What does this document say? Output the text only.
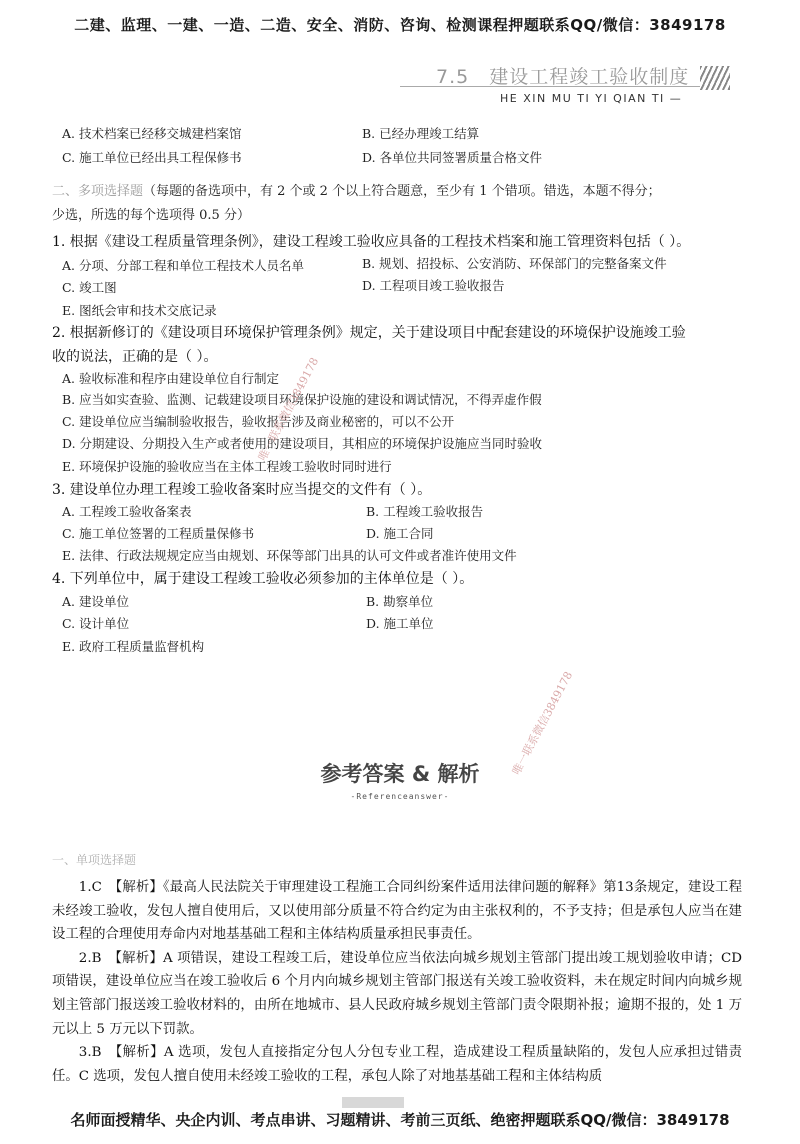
二建、监理、一建、一造、二造、安全、消防、咨询、检测课程押题联系QQ/微信：3849178
7.5　建设工程竣工验收制度
HE XIN MU TI YI QIAN TI —
A. 技术档案已经移交城建档案馆	B. 已经办理竣工结算
C. 施工单位已经出具工程保修书	D. 各单位共同签署质量合格文件
二、多项选择题（每题的备选项中，有 2 个或 2 个以上符合题意，至少有 1 个错项。错选，本题不得分；
少选，所选的每个选项得 0.5 分）
1. 根据《建设工程质量管理条例》，建设工程竣工验收应具备的工程技术档案和施工管理资料包括（ ）。
A. 分项、分部工程和单位工程技术人员名单	B. 规划、招投标、公安消防、环保部门的完整备案文件
C. 竣工图	D. 工程项目竣工验收报告
E. 图纸会审和技术交底记录
2. 根据新修订的《建设项目环境保护管理条例》规定，关于建设项目中配套建设的环境保护设施竣工验
收的说法，正确的是（ ）。
A. 验收标准和程序由建设单位自行制定
B. 应当如实查验、监测、记载建设项目环境保护设施的建设和调试情况，不得弄虚作假
C. 建设单位应当编制验收报告，验收报告涉及商业秘密的，可以不公开
D. 分期建设、分期投入生产或者使用的建设项目，其相应的环境保护设施应当同时验收
E. 环境保护设施的验收应当在主体工程竣工验收时同时进行
3. 建设单位办理工程竣工验收备案时应当提交的文件有（ ）。
A. 工程竣工验收备案表	B. 工程竣工验收报告
C. 施工单位签署的工程质量保修书	D. 施工合同
E. 法律、行政法规规定应当由规划、环保等部门出具的认可文件或者准许使用文件
4. 下列单位中，属于建设工程竣工验收必须参加的主体单位是（ ）。
A. 建设单位	B. 勘察单位
C. 设计单位	D. 施工单位
E. 政府工程质量监督机构
唯一联系微信3849178
唯一联系微信3849178
参考答案 & 解析
-Referenceanswer-
一、单项选择题

1.C　【解析】《最高人民法院关于审理建设工程施工合同纠纷案件适用法律问题的解释》第13条规定，建设工程未经竣工验收，发包人擅自使用后，又以使用部分质量不符合约定为由主张权利的，不予支持；但是承包人应当在建设工程的合理使用寿命内对地基基础工程和主体结构质量承担民事责任。

2.B　【解析】A 项错误，建设工程竣工后，建设单位应当依法向城乡规划主管部门提出竣工规划验收申请；CD 项错误，建设单位应当在竣工验收后 6 个月内向城乡规划主管部门报送有关竣工验收资料，未在规定时间内向城乡规划主管部门报送竣工验收材料的，由所在地城市、县人民政府城乡规划主管部门责令限期补报；逾期不报的，处 1 万元以上 5 万元以下罚款。

3.B　【解析】A 选项，发包人直接指定分包人分包专业工程，造成建设工程质量缺陷的，发包人应承担过错责任。C 选项，发包人擅自使用未经竣工验收的工程，承包人除了对地基基础工程和主体结构质

名师面授精华、央企内训、考点串讲、习题精讲、考前三页纸、绝密押题联系QQ/微信：3849178
